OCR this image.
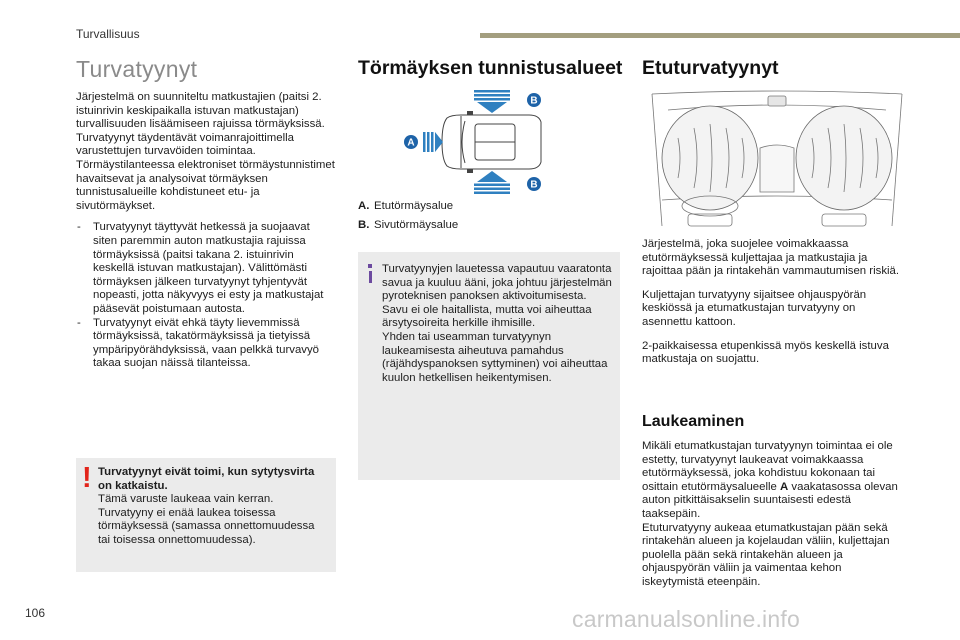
Turvallisuus
Turvatyynyt

Järjestelmä on suunniteltu matkustajien (paitsi 2. istuinrivin keskipaikalla istuvan matkustajan) turvallisuuden lisäämiseen rajuissa törmäyksissä.
Turvatyynyt täydentävät voimanrajoittimella varustettujen turvavöiden toimintaa.
Törmäystilanteessa elektroniset törmäystunnistimet havaitsevat ja analysoivat törmäyksen tunnistusalueille kohdistuneet etu- ja sivutörmäykset.

- Turvatyynyt täyttyvät hetkessä ja suojaavat siten paremmin auton matkustajia rajuissa törmäyksissä (paitsi takana 2. istuinrivin keskellä istuvan matkustajan). Välittömästi törmäyksen jälkeen turvatyynyt tyhjentyvät nopeasti, jotta näkyvyys ei esty ja matkustajat pääsevät poistumaan autosta.
- Turvatyynyt eivät ehkä täyty lievemmissä törmäyksissä, takatörmäyksissä ja tietyissä ympäripyörähdyksissä, vaan pelkkä turvavyö takaa suojan näissä tilanteissa.
! Turvatyynyt eivät toimi, kun sytytysvirta on katkaistu.
Tämä varuste laukeaa vain kerran. Turvatyyny ei enää laukea toisessa törmäyksessä (samassa onnettomuudessa tai toisessa onnettomuudessa).
Törmäyksen tunnistusalueet
B
A
B
A. Etutörmäysalue
B. Sivutörmäysalue
Turvatyynyjen lauetessa vapautuu vaaratonta savua ja kuuluu ääni, joka johtuu järjestelmän pyroteknisen panoksen aktivoitumisesta.
Savu ei ole haitallista, mutta voi aiheuttaa ärsytysoireita herkille ihmisille.
Yhden tai useamman turvatyynyn laukeamisesta aiheutuva pamahdus (räjähdyspanoksen syttyminen) voi aiheuttaa kuulon hetkellisen heikentymisen.
Etuturvatyynyt

Järjestelmä, joka suojelee voimakkaassa etutörmäyksessä kuljettajaa ja matkustajia ja rajoittaa pään ja rintakehän vammautumisen riskiä.

Kuljettajan turvatyyny sijaitsee ohjauspyörän keskiössä ja etumatkustajan turvatyyny on asennettu kattoon.

2-paikkaisessa etupenkissä myös keskellä istuva matkustaja on suojattu.

Laukeaminen

Mikäli etumatkustajan turvatyynyn toimintaa ei ole estetty, turvatyynyt laukeavat voimakkaassa etutörmäyksessä, joka kohdistuu kokonaan tai osittain etutörmäysalueelle A vaakatasossa olevan auton pitkittäisakselin suuntaisesti edestä taaksepäin.
Etuturvatyyny aukeaa etumatkustajan pään sekä rintakehän alueen ja kojelaudan väliin, kuljettajan puolella pään sekä rintakehän alueen ja ohjauspyörän väliin ja vaimentaa kehon iskeytymistä eteenpäin.

106	carmanualsonline.info
